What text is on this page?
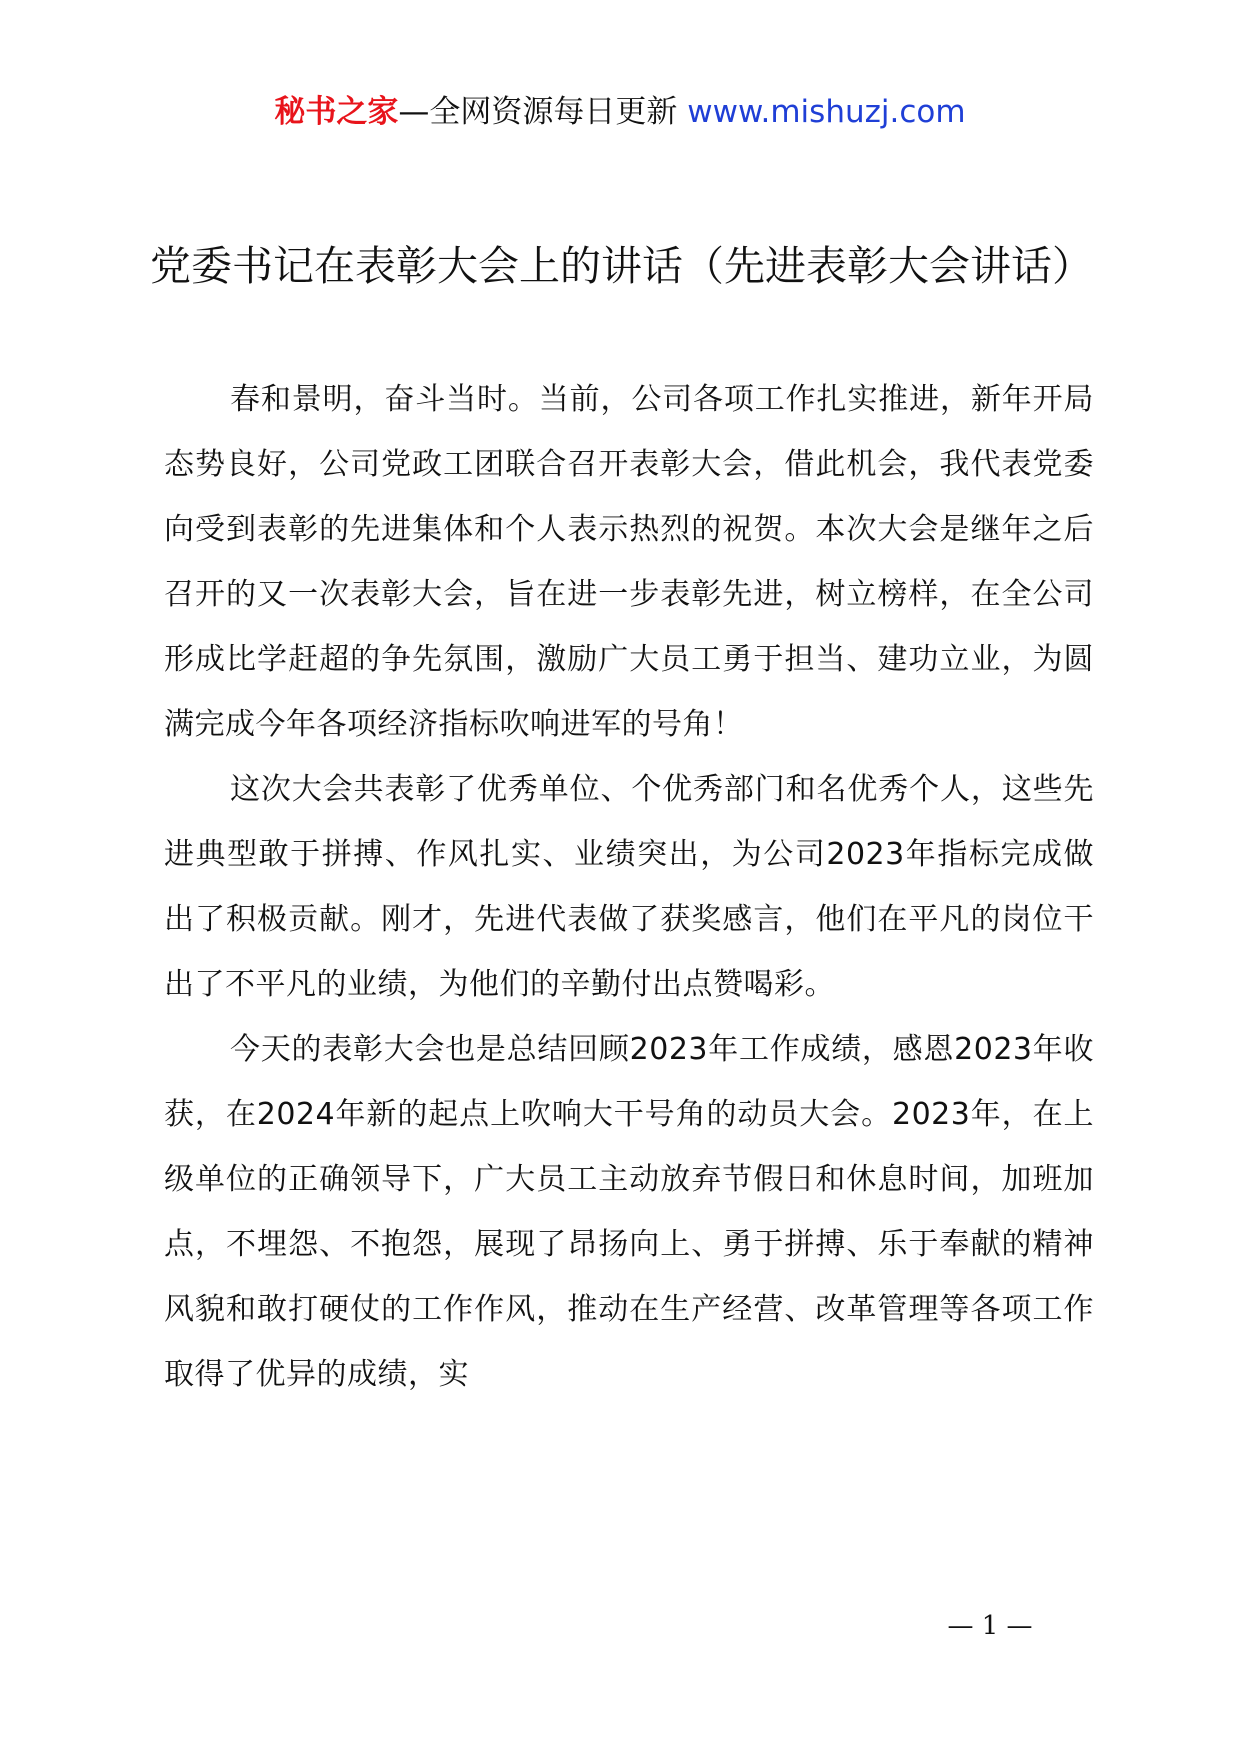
秘书之家—全网资源每日更新 www.mishuzj.com
党委书记在表彰大会上的讲话（先进表彰大会讲话）

春和景明，奋斗当时。当前，公司各项工作扎实推进，新年开局态势良好，公司党政工团联合召开表彰大会，借此机会，我代表党委向受到表彰的先进集体和个人表示热烈的祝贺。本次大会是继年之后召开的又一次表彰大会，旨在进一步表彰先进，树立榜样，在全公司形成比学赶超的争先氛围，激励广大员工勇于担当、建功立业，为圆满完成今年各项经济指标吹响进军的号角！

这次大会共表彰了优秀单位、个优秀部门和名优秀个人，这些先进典型敢于拼搏、作风扎实、业绩突出，为公司2023年指标完成做出了积极贡献。刚才，先进代表做了获奖感言，他们在平凡的岗位干出了不平凡的业绩，为他们的辛勤付出点赞喝彩。

今天的表彰大会也是总结回顾2023年工作成绩，感恩2023年收获，在2024年新的起点上吹响大干号角的动员大会。2023年，在上级单位的正确领导下，广大员工主动放弃节假日和休息时间，加班加点，不埋怨、不抱怨，展现了昂扬向上、勇于拼搏、乐于奉献的精神风貌和敢打硬仗的工作作风，推动在生产经营、改革管理等各项工作取得了优异的成绩，实

— 1 —
